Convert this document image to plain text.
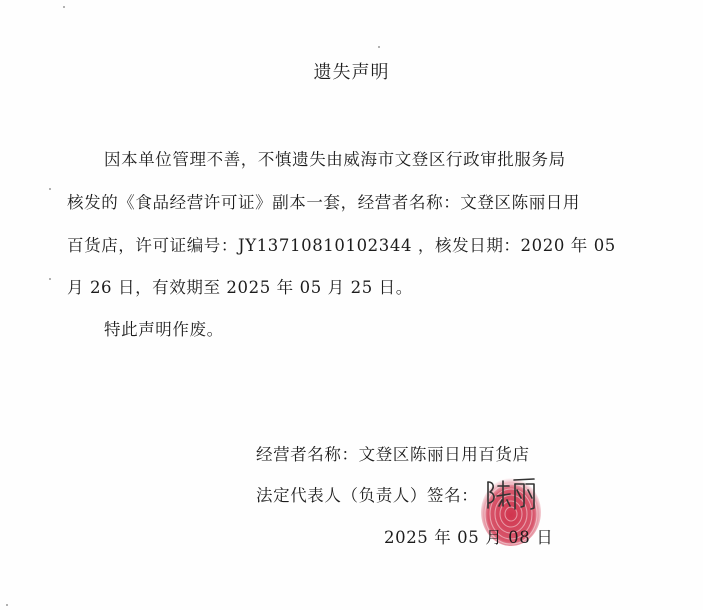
遗失声明
因本单位管理不善，不慎遗失由威海市文登区行政审批服务局
核发的《食品经营许可证》副本一套，经营者名称：文登区陈丽日用
百货店，许可证编号：JY13710810102344 ，核发日期：2020 年 05
月 26 日，有效期至 2025 年 05 月 25 日。
特此声明作废。
经营者名称：文登区陈丽日用百货店
法定代表人（负责人）签名：
2025 年 05 月 08 日
